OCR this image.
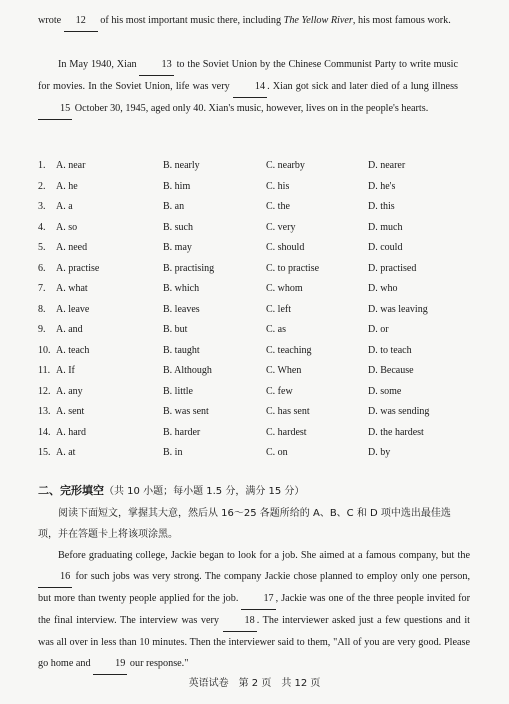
wrote 12 of his most important music there, including The Yellow River, his most famous work.
In May 1940, Xian 13 to the Soviet Union by the Chinese Communist Party to write music for movies. In the Soviet Union, life was very 14 . Xian got sick and later died of a lung illness 15 October 30, 1945, aged only 40. Xian's music, however, lives on in the people's hearts.
1. A. near	B. nearly	C. nearby	D. nearer
2. A. he	B. him	C. his	D. he's
3. A. a	B. an	C. the	D. this
4. A. so	B. such	C. very	D. much
5. A. need	B. may	C. should	D. could
6. A. practise	B. practising	C. to practise	D. practised
7. A. what	B. which	C. whom	D. who
8. A. leave	B. leaves	C. left	D. was leaving
9. A. and	B. but	C. as	D. or
10. A. teach	B. taught	C. teaching	D. to teach
11. A. If	B. Although	C. When	D. Because
12. A. any	B. little	C. few	D. some
13. A. sent	B. was sent	C. has sent	D. was sending
14. A. hard	B. harder	C. hardest	D. the hardest
15. A. at	B. in	C. on	D. by
二、完形填空（共 10 小题；每小题 1.5 分，满分 15 分）
阅读下面短文，掌握其大意，然后从 16～25 各题所给的 A、B、C 和 D 项中选出最佳选项，并在答题卡上将该项涂黑。
Before graduating college, Jackie began to look for a job. She aimed at a famous company, but the 16 for such jobs was very strong. The company Jackie chose planned to employ only one person, but more than twenty people applied for the job. 17 , Jackie was one of the three people invited for the final interview. The interview was very	18 . The interviewer asked just a few questions and it was all over in less than 10 minutes. Then the interviewer said to them, "All of you are very good. Please go home and 19 our response."
英语试卷　第 2 页　共 12 页
